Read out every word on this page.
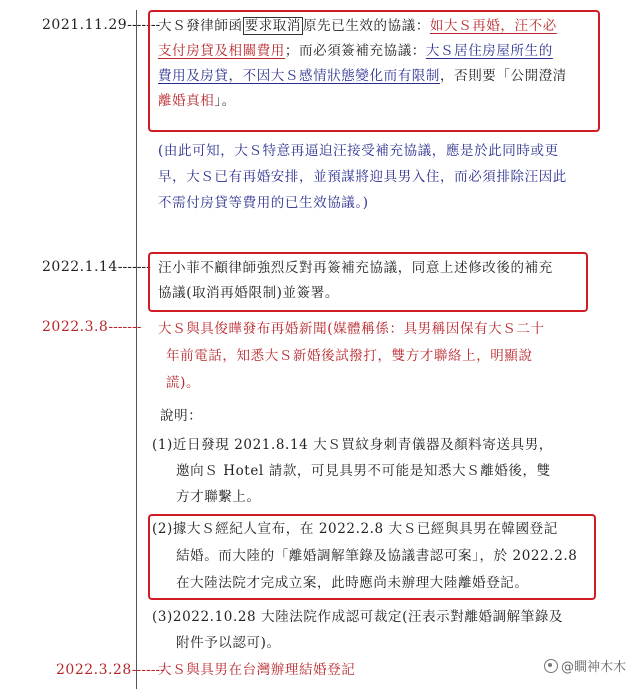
2021.11.29-------
大Ｓ發律師函 要求取消 原先已生效的協議：如大Ｓ再婚，汪不必
支付房貸及相關費用；而必須簽補充協議：大Ｓ居住房屋所生的
費用及房貸，不因大Ｓ感情狀態變化而有限制，否則要「公開澄清
離婚真相」。
(由此可知，大Ｓ特意再逼迫汪接受補充協議，應是於此同時或更
早，大Ｓ已有再婚安排，並預謀將迎具男入住，而必須排除汪因此
不需付房貸等費用的已生效協議。)
2022.1.14------- 汪小菲不顧律師強烈反對再簽補充協議，同意上述修改後的補充
協議(取消再婚限制)並簽署。
2022.3.8------- 大Ｓ與具俊曄發布再婚新聞(媒體稱係：具男稱因保有大Ｓ二十
年前電話，知悉大Ｓ新婚後試撥打，雙方才聯絡上，明顯說
謊)。
說明：
(1)近日發現 2021.8.14 大Ｓ買紋身刺青儀器及顏料寄送具男，
邀向Ｓ Hotel 請款，可見具男不可能是知悉大Ｓ離婚後，雙
方才聯繫上。
(2)據大Ｓ經紀人宣布，在 2022.2.8 大Ｓ已經與具男在韓國登記
結婚。而大陸的「離婚調解筆錄及協議書認可案」，於 2022.2.8
在大陸法院才完成立案，此時應尚未辦理大陸離婚登記。
(3)2022.10.28 大陸法院作成認可裁定(汪表示對離婚調解筆錄及
附件予以認可)。
2022.3.28-------
大Ｓ與具男在台灣辦理結婚登記	@瞷神木木
